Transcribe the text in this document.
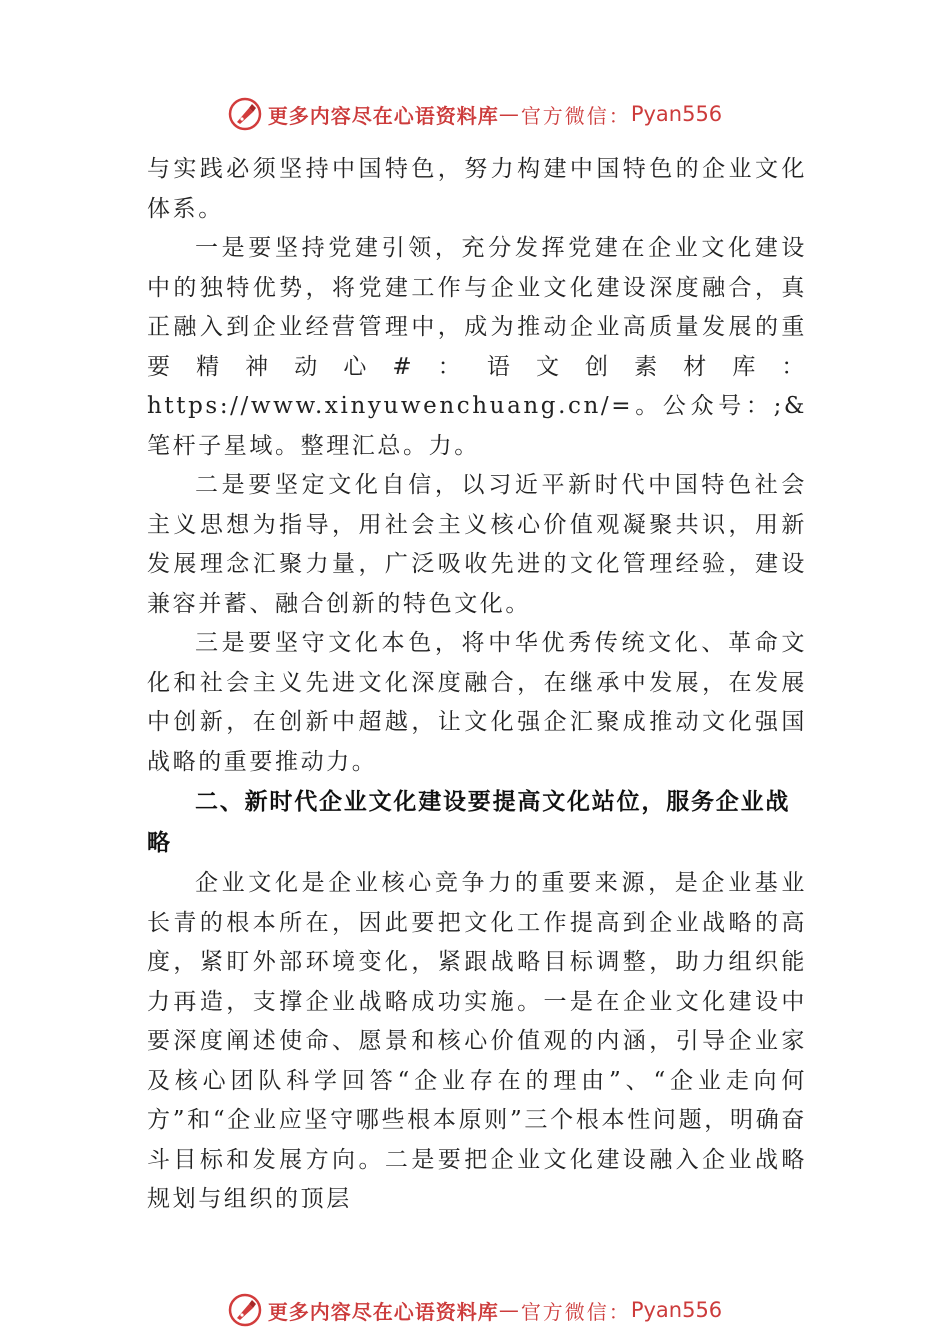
更多内容尽在心语资料库 — 官方微信： Pyan556

与实践必须坚持中国特色，努力构建中国特色的企业文化体系。

一是要坚持党建引领，充分发挥党建在企业文化建设中的独特优势，将党建工作与企业文化建设深度融合，真正融入到企业经营管理中，成为推动企业高质量发展的重要精神动心#：语文创素材库：https://www.xinyuwenchuang.cn/=。公众号：;&笔杆子星域。整理汇总。力。

二是要坚定文化自信，以习近平新时代中国特色社会主义思想为指导，用社会主义核心价值观凝聚共识，用新发展理念汇聚力量，广泛吸收先进的文化管理经验，建设兼容并蓄、融合创新的特色文化。

三是要坚守文化本色，将中华优秀传统文化、革命文化和社会主义先进文化深度融合，在继承中发展，在发展中创新，在创新中超越，让文化强企汇聚成推动文化强国战略的重要推动力。

二、新时代企业文化建设要提高文化站位，服务企业战略

企业文化是企业核心竞争力的重要来源，是企业基业长青的根本所在，因此要把文化工作提高到企业战略的高度，紧盯外部环境变化，紧跟战略目标调整，助力组织能力再造，支撑企业战略成功实施。一是在企业文化建设中要深度阐述使命、愿景和核心价值观的内涵，引导企业家及核心团队科学回答“企业存在的理由”、“企业走向何方”和“企业应坚守哪些根本原则”三个根本性问题，明确奋斗目标和发展方向。二是要把企业文化建设融入企业战略规划与组织的顶层

更多内容尽在心语资料库 — 官方微信： Pyan556
